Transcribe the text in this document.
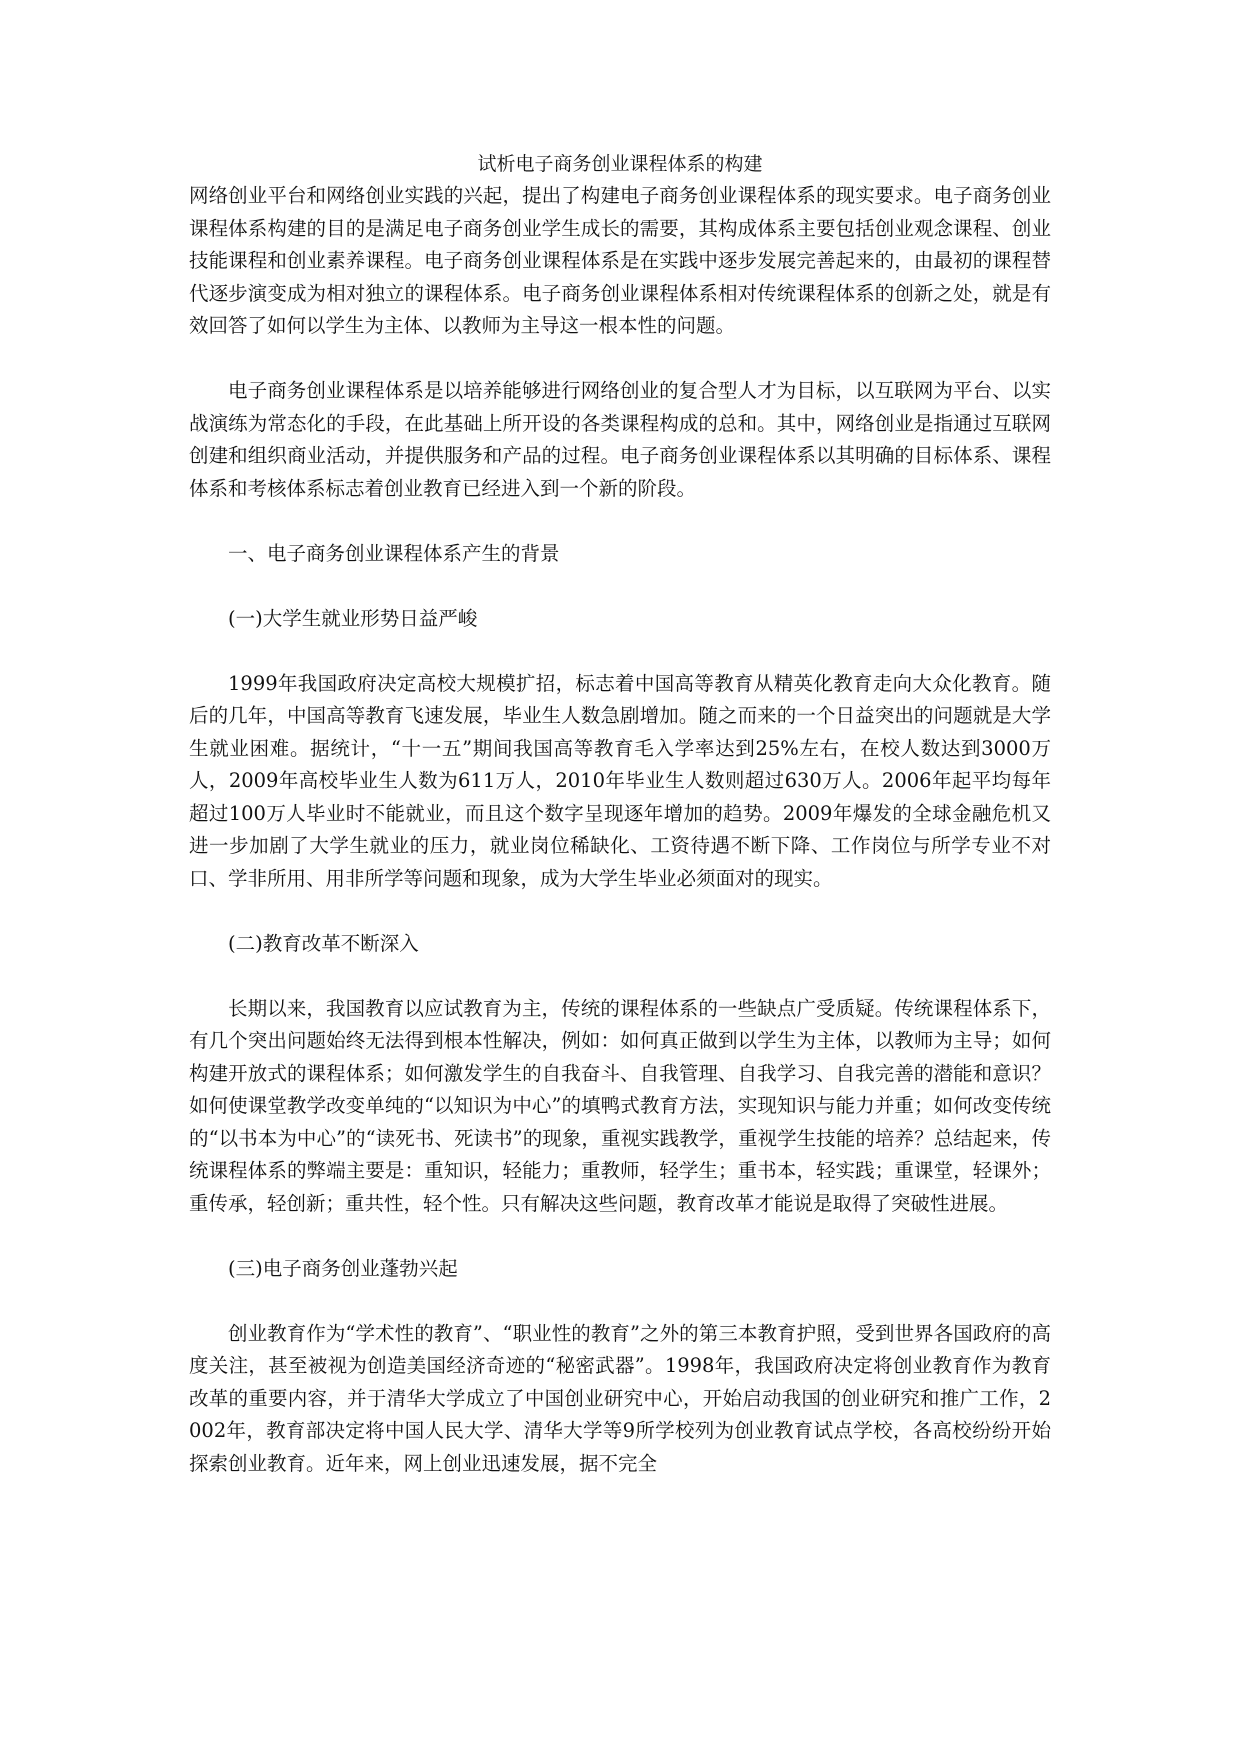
试析电子商务创业课程体系的构建

网络创业平台和网络创业实践的兴起，提出了构建电子商务创业课程体系的现实要求。电子商务创业课程体系构建的目的是满足电子商务创业学生成长的需要，其构成体系主要包括创业观念课程、创业技能课程和创业素养课程。电子商务创业课程体系是在实践中逐步发展完善起来的，由最初的课程替代逐步演变成为相对独立的课程体系。电子商务创业课程体系相对传统课程体系的创新之处，就是有效回答了如何以学生为主体、以教师为主导这一根本性的问题。

电子商务创业课程体系是以培养能够进行网络创业的复合型人才为目标，以互联网为平台、以实战演练为常态化的手段，在此基础上所开设的各类课程构成的总和。其中，网络创业是指通过互联网创建和组织商业活动，并提供服务和产品的过程。电子商务创业课程体系以其明确的目标体系、课程体系和考核体系标志着创业教育已经进入到一个新的阶段。

一、电子商务创业课程体系产生的背景

(一)大学生就业形势日益严峻

1999年我国政府决定高校大规模扩招，标志着中国高等教育从精英化教育走向大众化教育。随后的几年，中国高等教育飞速发展，毕业生人数急剧增加。随之而来的一个日益突出的问题就是大学生就业困难。据统计，“十一五”期间我国高等教育毛入学率达到25%左右，在校人数达到3000万人，2009年高校毕业生人数为611万人，2010年毕业生人数则超过630万人。2006年起平均每年超过100万人毕业时不能就业，而且这个数字呈现逐年增加的趋势。2009年爆发的全球金融危机又进一步加剧了大学生就业的压力，就业岗位稀缺化、工资待遇不断下降、工作岗位与所学专业不对口、学非所用、用非所学等问题和现象，成为大学生毕业必须面对的现实。

(二)教育改革不断深入

长期以来，我国教育以应试教育为主，传统的课程体系的一些缺点广受质疑。传统课程体系下，有几个突出问题始终无法得到根本性解决，例如：如何真正做到以学生为主体，以教师为主导；如何构建开放式的课程体系；如何激发学生的自我奋斗、自我管理、自我学习、自我完善的潜能和意识？如何使课堂教学改变单纯的“以知识为中心”的填鸭式教育方法，实现知识与能力并重；如何改变传统的“以书本为中心”的“读死书、死读书”的现象，重视实践教学，重视学生技能的培养？总结起来，传统课程体系的弊端主要是：重知识，轻能力；重教师，轻学生；重书本，轻实践；重课堂，轻课外；重传承，轻创新；重共性，轻个性。只有解决这些问题，教育改革才能说是取得了突破性进展。

(三)电子商务创业蓬勃兴起

创业教育作为“学术性的教育”、“职业性的教育”之外的第三本教育护照，受到世界各国政府的高度关注，甚至被视为创造美国经济奇迹的“秘密武器”。1998年，我国政府决定将创业教育作为教育改革的重要内容，并于清华大学成立了中国创业研究中心，开始启动我国的创业研究和推广工作，2002年，教育部决定将中国人民大学、清华大学等9所学校列为创业教育试点学校，各高校纷纷开始探索创业教育。近年来，网上创业迅速发展，据不完全
